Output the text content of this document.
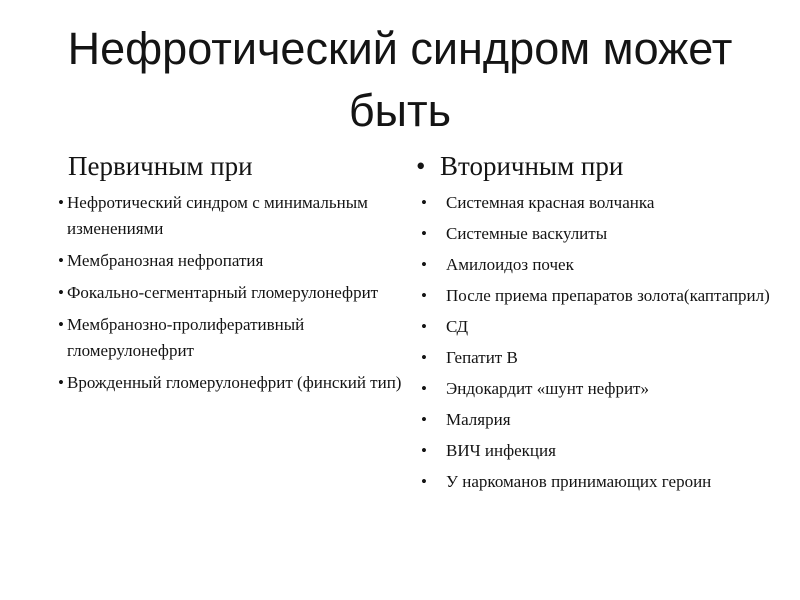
Нефротический синдром может быть
Первичным при
• Нефротический синдром с минимальным изменениями
• Мембранозная нефропатия
• Фокально-сегментарный гломерулонефрит
• Мембранозно-пролиферативный гломерулонефрит
• Врожденный гломерулонефрит (финский тип)
• Вторичным при
• Системная красная волчанка
• Системные васкулиты
• Амилоидоз почек
• После приема препаратов золота(каптаприл)
• СД
• Гепатит В
• Эндокардит «шунт нефрит»
• Малярия
• ВИЧ инфекция
• У наркоманов принимающих героин
